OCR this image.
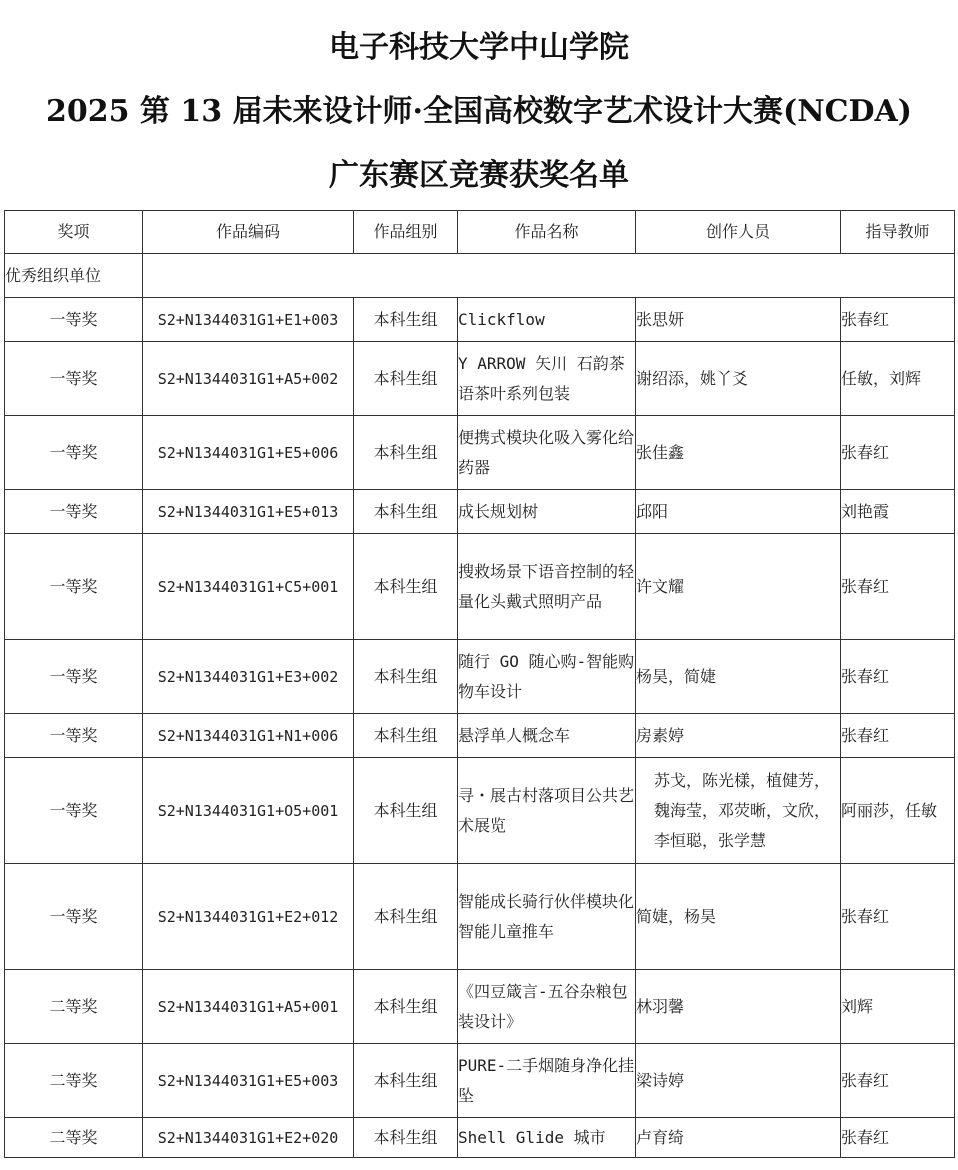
电子科技大学中山学院
2025 第 13 届未来设计师·全国高校数字艺术设计大赛(NCDA)
广东赛区竞赛获奖名单
奖项	作品编码	作品组别	作品名称	创作人员	指导教师
优秀组织单位					
一等奖	S2+N1344031G1+E1+003	本科生组	Clickflow	张思妍	张春红
一等奖	S2+N1344031G1+A5+002	本科生组	Y ARROW 矢川 石韵茶语茶叶系列包装	谢绍添，姚丫爻	任敏，刘辉
一等奖	S2+N1344031G1+E5+006	本科生组	便携式模块化吸入雾化给药器	张佳鑫	张春红
一等奖	S2+N1344031G1+E5+013	本科生组	成长规划树	邱阳	刘艳霞
一等奖	S2+N1344031G1+C5+001	本科生组	搜救场景下语音控制的轻量化头戴式照明产品	许文耀	张春红
一等奖	S2+N1344031G1+E3+002	本科生组	随行 GO 随心购-智能购物车设计	杨昊，简婕	张春红
一等奖	S2+N1344031G1+N1+006	本科生组	悬浮单人概念车	房素婷	张春红
一等奖	S2+N1344031G1+O5+001	本科生组	寻・展古村落项目公共艺术展览	苏戈，陈光樣，植健芳，魏海莹，邓荧晰，文欣，李恒聪，张学慧	阿丽莎，任敏
一等奖	S2+N1344031G1+E2+012	本科生组	智能成长骑行伙伴模块化智能儿童推车	简婕，杨昊	张春红
二等奖	S2+N1344031G1+A5+001	本科生组	《四豆箴言-五谷杂粮包装设计》	林羽馨	刘辉
二等奖	S2+N1344031G1+E5+003	本科生组	PURE-二手烟随身净化挂坠	梁诗婷	张春红
二等奖	S2+N1344031G1+E2+020	本科生组	Shell Glide 城市	卢育绮	张春红
